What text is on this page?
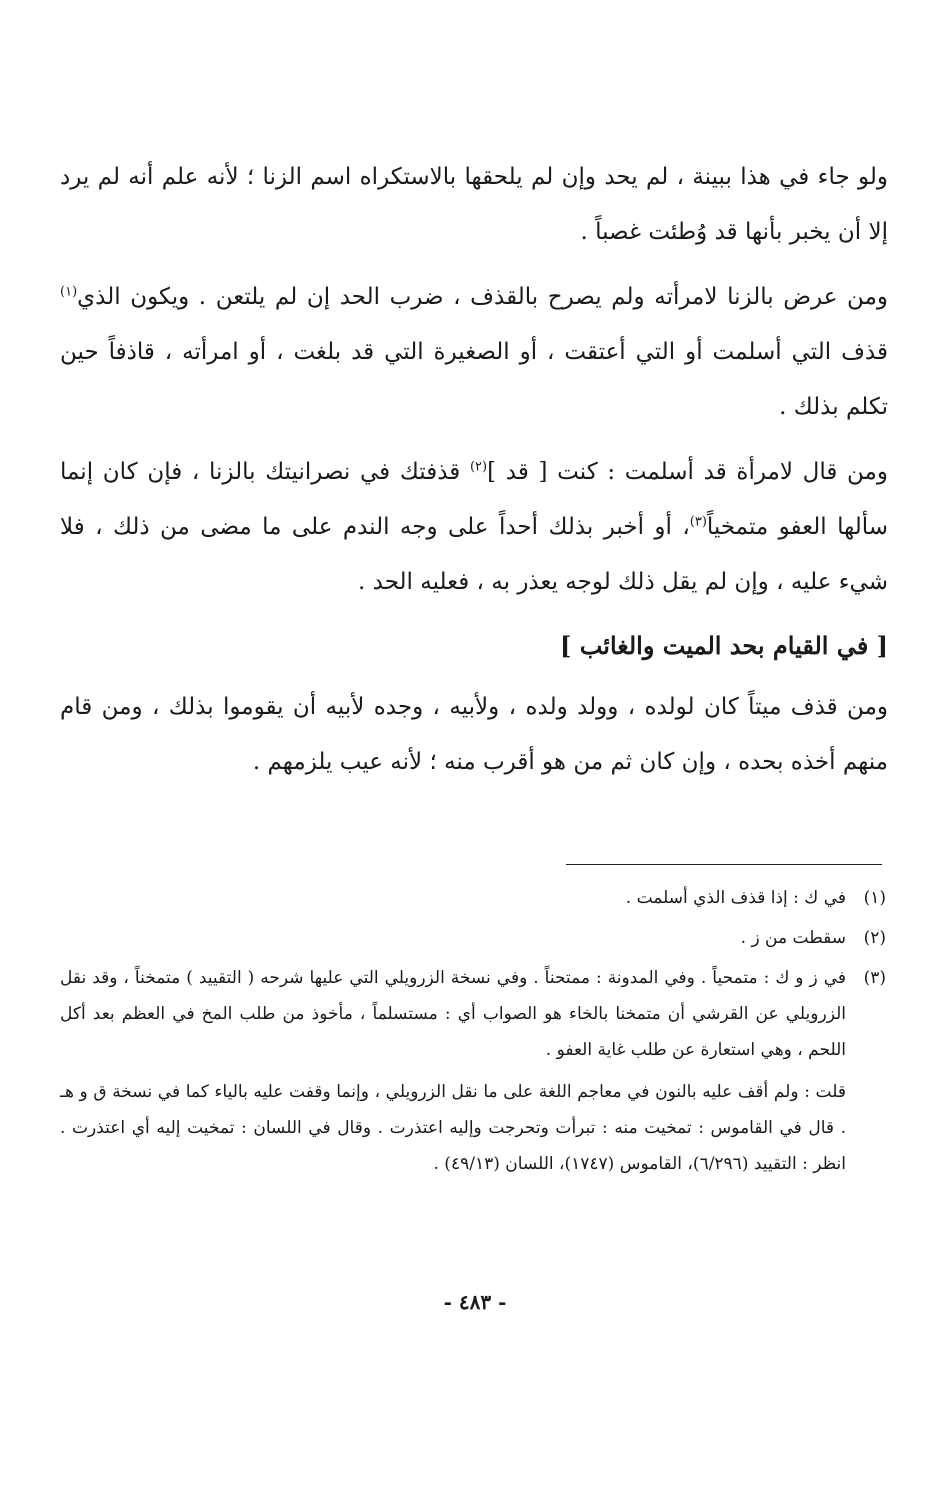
ولو جاء في هذا ببينة ، لم يحد وإن لم يلحقها بالاستكراه اسم الزنا ؛ لأنه علم أنه لم يرد إلا أن يخبر بأنها قد وُطئت غصباً .

ومن عرض بالزنا لامرأته ولم يصرح بالقذف ، ضرب الحد إن لم يلتعن . ويكون الذي$^{(١)}$ قذف التي أسلمت أو التي أعتقت ، أو الصغيرة التي قد بلغت ، أو امرأته ، قاذفاً حين تكلم بذلك .

ومن قال لامرأة قد أسلمت : كنت [ قد ]$^{(٢)}$ قذفتك في نصرانيتك بالزنا ، فإن كان إنما سألها العفو متمخياً$^{(٣)}$، أو أخبر بذلك أحداً على وجه الندم على ما مضى من ذلك ، فلا شيء عليه ، وإن لم يقل ذلك لوجه يعذر به ، فعليه الحد .

[ في القيام بحد الميت والغائب ]

ومن قذف ميتاً كان لولده ، وولد ولده ، ولأبيه ، وجده لأبيه أن يقوموا بذلك ، ومن قام منهم أخذه بحده ، وإن كان ثم من هو أقرب منه ؛ لأنه عيب يلزمهم .

(١)
في ك : إذا قذف الذي أسلمت .
(٢)
سقطت من ز .
(٣)
في ز و ك : متمحياً . وفي المدونة : ممتحناً . وفي نسخة الزرويلي التي عليها شرحه ( التقييد ) متمخناً ، وقد نقل الزرويلي عن القرشي أن متمخنا بالخاء هو الصواب أي : مستسلماً ، مأخوذ من طلب المخ في العظم بعد أكل اللحم ، وهي استعارة عن طلب غاية العفو .

قلت : ولم أقف عليه بالنون في معاجم اللغة على ما نقل الزرويلي ، وإنما وقفت عليه بالياء كما في نسخة ق و هـ . قال في القاموس : تمخيت منه : تبرأت وتحرجت وإليه اعتذرت . وقال في اللسان : تمخيت إليه أي اعتذرت . انظر : التقييد (٦/٢٩٦)، القاموس (١٧٤٧)، اللسان (٤٩/١٣) .

- ٤٨٣ -
